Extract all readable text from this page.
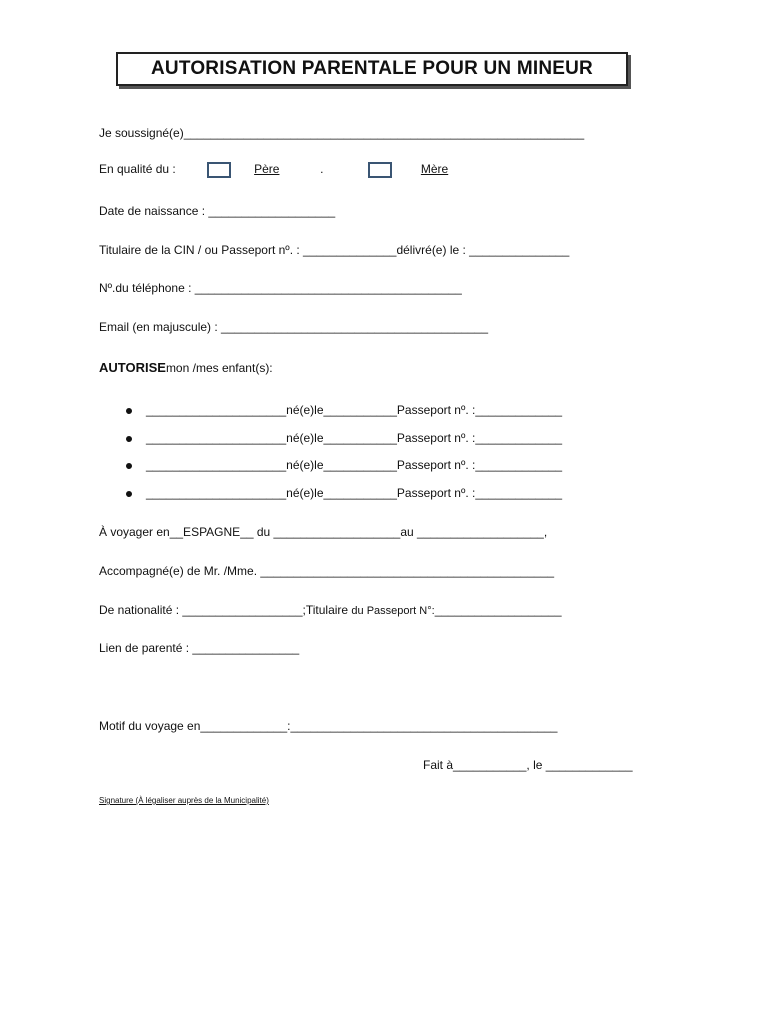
AUTORISATION PARENTALE POUR UN MINEUR
Je soussigné(e)____________________________________________________________
En qualité du :	Père	.	Mère
Date de naissance : ___________________
Titulaire de la CIN / ou Passeport nº. : ______________délivré(e) le : _______________
Nº.du téléphone : ________________________________________
Email (en majuscule) : ________________________________________
AUTORISEmon /mes enfant(s):
_____________________né(e)le___________Passeport nº. :_____________
_____________________né(e)le___________Passeport nº. :_____________
_____________________né(e)le___________Passeport nº. :_____________
_____________________né(e)le___________Passeport nº. :_____________
À voyager en__ESPAGNE__ du ___________________au ___________________,
Accompagné(e) de Mr. /Mme. ____________________________________________
De nationalité : __________________;Titulaire du Passeport N°:___________________
Lien de parenté : ________________
Motif du voyage en_____________:________________________________________
Fait à___________, le _____________
Signature (À légaliser auprès de la Municipalité)
